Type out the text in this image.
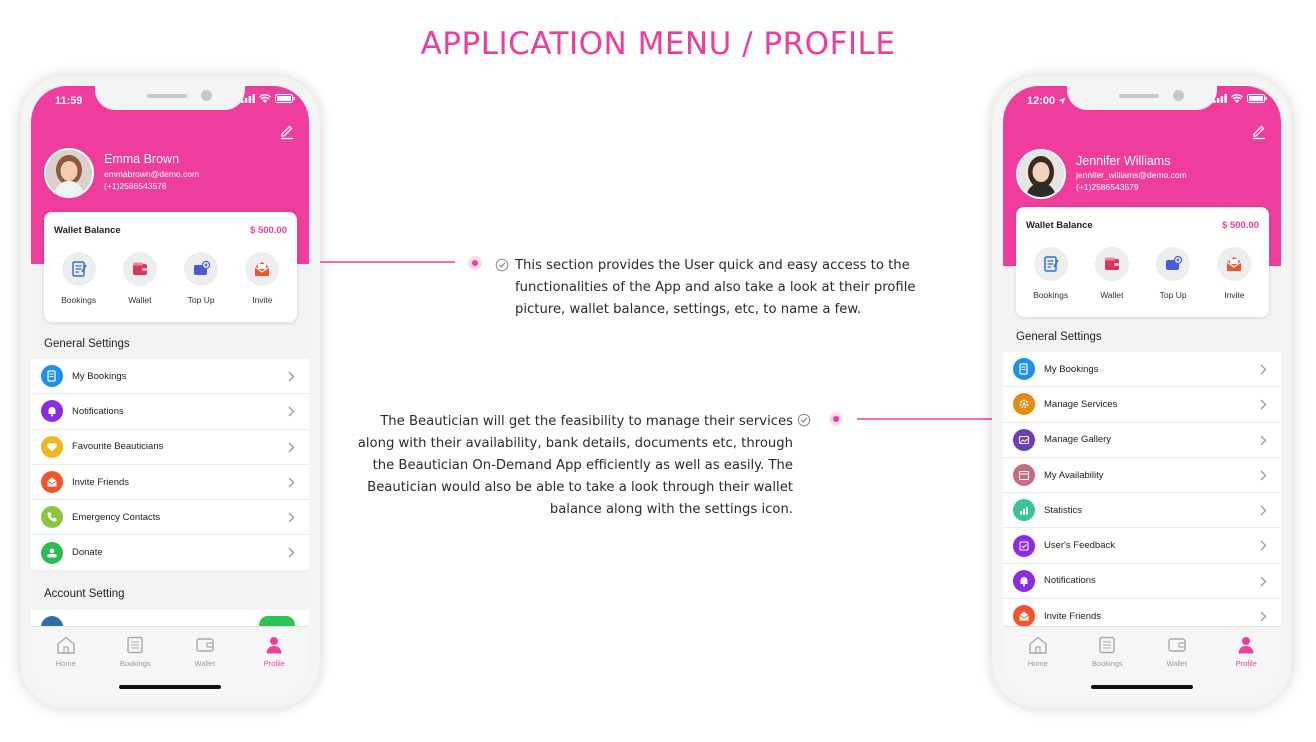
APPLICATION MENU / PROFILE
11:59
Emma Brown
emmabrown@demo.com
(+1)2586543578
Wallet Balance	$ 500.00
Bookings	Wallet	Top Up	Invite
General Settings
My Bookings
Notifications
Favourite Beauticians
Invite Friends
Emergency Contacts
Donate
Account Setting
Home	Bookings	Wallet	Profile
This section provides the User quick and easy access to the functionalities of the App and also take a look at their profile picture, wallet balance, settings, etc, to name a few.
The Beautician will get the feasibility to manage their services along with their availability, bank details, documents etc, through the Beautician On-Demand App efficiently as well as easily. The Beautician would also be able to take a look through their wallet balance along with the settings icon.
12:00
Jennifer Williams
jennifer_williams@demo.com
(+1)2586543579
Wallet Balance	$ 500.00
Bookings	Wallet	Top Up	Invite
General Settings
My Bookings
Manage Services
Manage Gallery
My Availability
Statistics
User's Feedback
Notifications
Invite Friends
Home	Bookings	Wallet	Profile
